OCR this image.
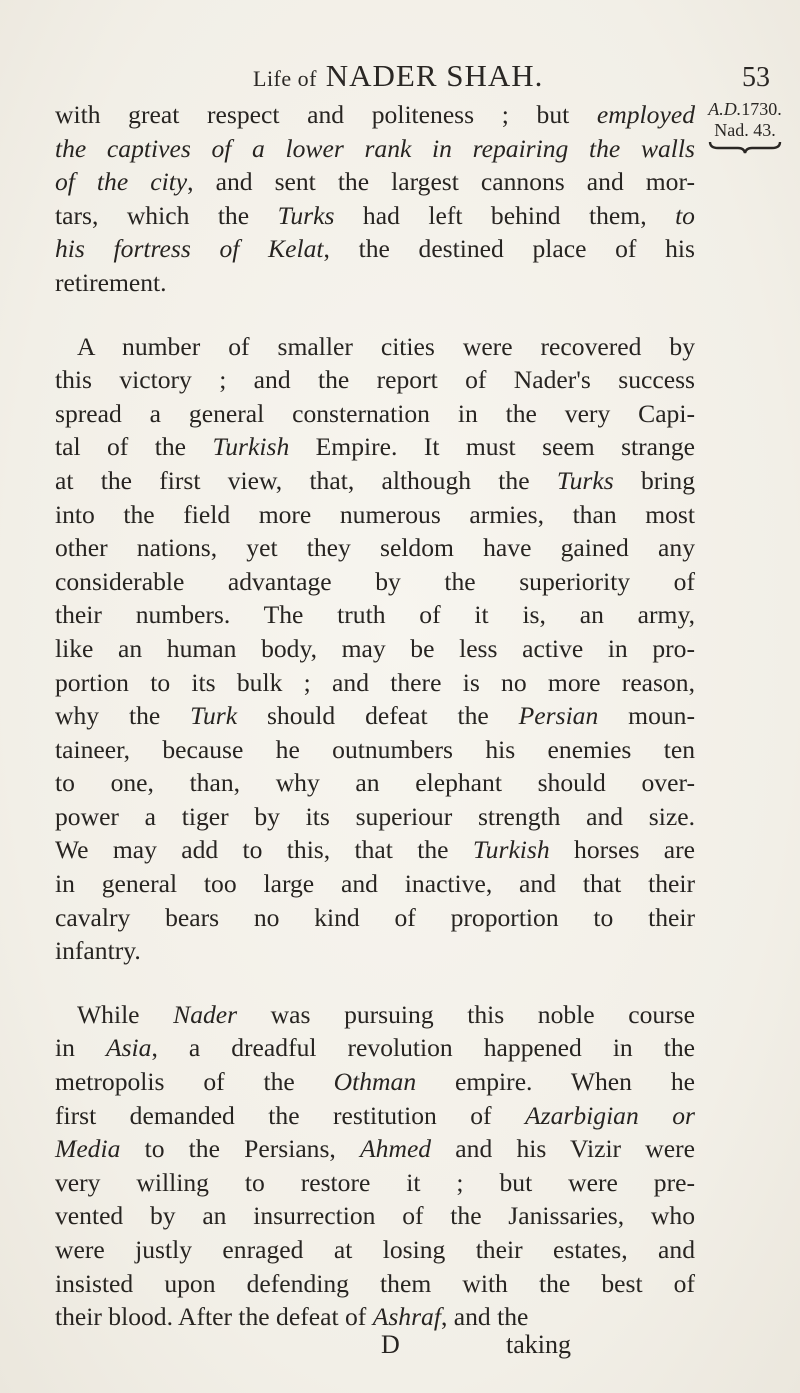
Life of NADER SHAH.	53
A.D.1730.
Nad. 43.
with great respect and politeness ; but employed
the captives of a lower rank in repairing the walls
of the city, and sent the largest cannons and mor-
tars, which the Turks had left behind them, to
his fortress of Kelat, the destined place of his
retirement.
A number of smaller cities were recovered by
this victory ; and the report of Nader's success
spread a general consternation in the very Capi-
tal of the Turkish Empire. It must seem strange
at the first view, that, although the Turks bring
into the field more numerous armies, than most
other nations, yet they seldom have gained any
considerable advantage by the superiority of
their numbers. The truth of it is, an army,
like an human body, may be less active in pro-
portion to its bulk ; and there is no more reason,
why the Turk should defeat the Persian moun-
taineer, because he outnumbers his enemies ten
to one, than, why an elephant should over-
power a tiger by its superiour strength and size.
We may add to this, that the Turkish horses are
in general too large and inactive, and that their
cavalry bears no kind of proportion to their
infantry.
While Nader was pursuing this noble course
in Asia, a dreadful revolution happened in the
metropolis of the Othman empire. When he
first demanded the restitution of Azarbigian or
Media to the Persians, Ahmed and his Vizir were
very willing to restore it ; but were pre-
vented by an insurrection of the Janissaries, who
were justly enraged at losing their estates, and
insisted upon defending them with the best of
their blood. After the defeat of Ashraf, and the
D	taking
